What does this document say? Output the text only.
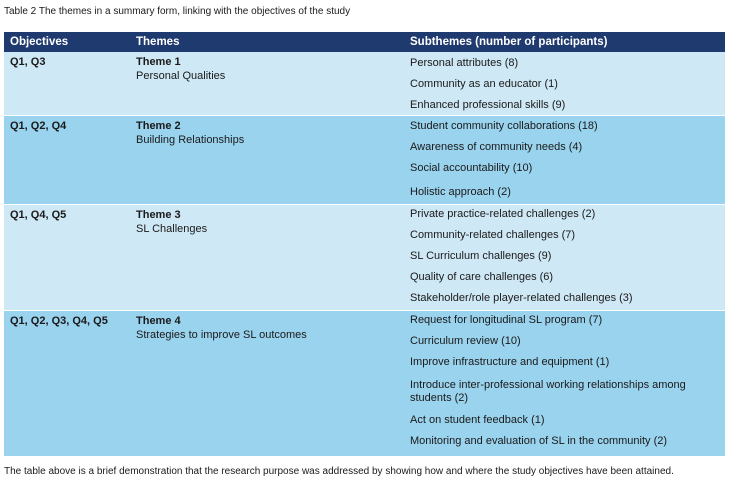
Table 2 The themes in a summary form, linking with the objectives of the study
Objectives	Themes	Subthemes (number of participants)
Q1, Q3	Theme 1
Personal Qualities
Personal attributes (8)
Community as an educator (1)
Enhanced professional skills (9)
Q1, Q2, Q4	Theme 2
Building Relationships
Student community collaborations (18)
Awareness of community needs (4)
Social accountability (10)
Holistic approach (2)
Q1, Q4, Q5	Theme 3
SL Challenges
Private practice-related challenges (2)
Community-related challenges (7)
SL Curriculum challenges (9)
Quality of care challenges (6)
Stakeholder/role player-related challenges (3)
Q1, Q2, Q3, Q4, Q5	Theme 4
Strategies to improve SL outcomes
Request for longitudinal SL program (7)
Curriculum review (10)
Improve infrastructure and equipment (1)
Introduce inter-professional working relationships among students (2)
Act on student feedback (1)
Monitoring and evaluation of SL in the community (2)
The table above is a brief demonstration that the research purpose was addressed by showing how and where the study objectives have been attained.
